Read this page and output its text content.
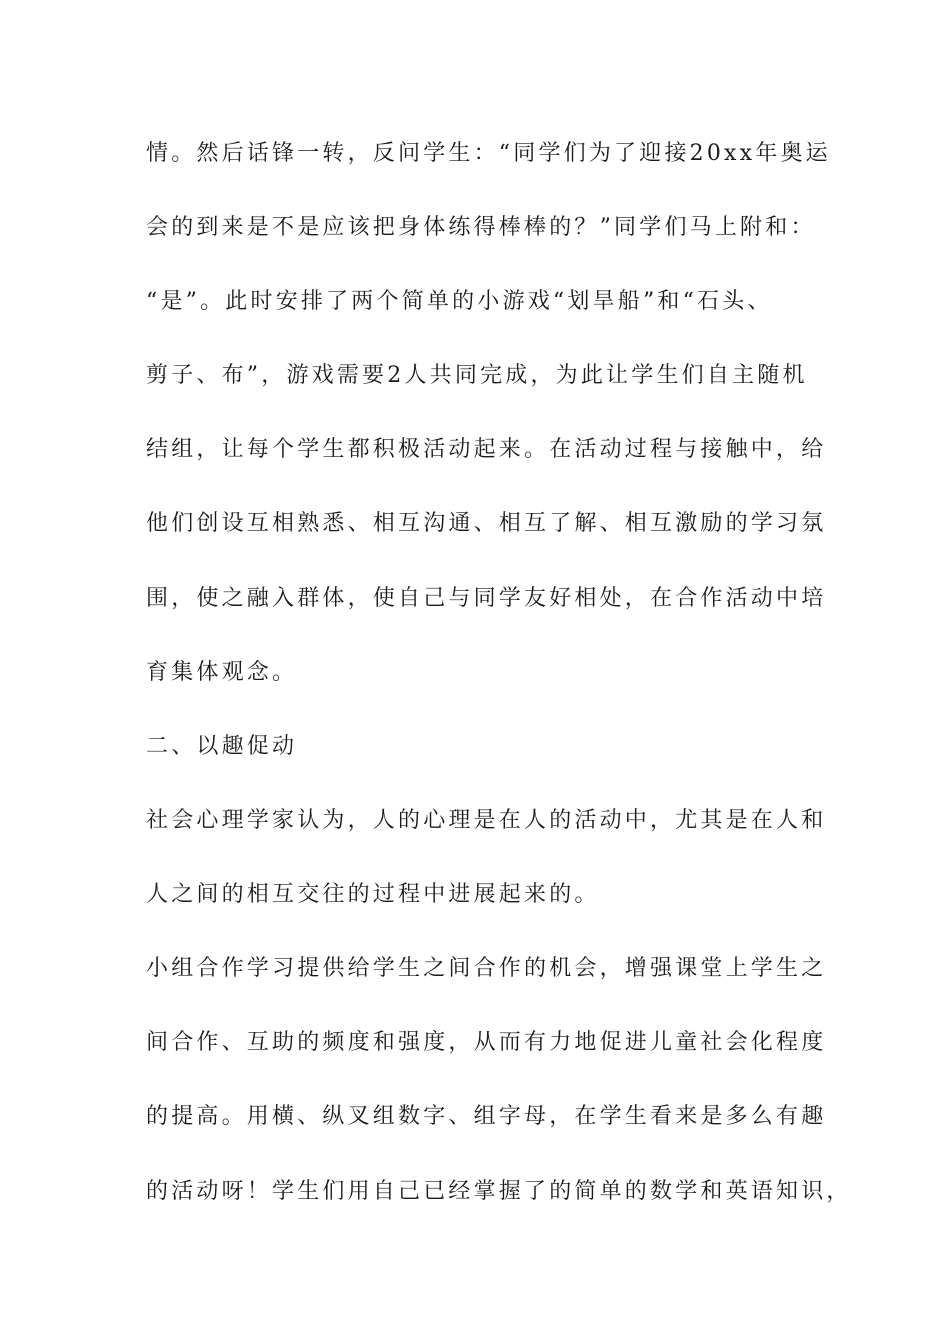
情。然后话锋一转，反问学生：“同学们为了迎接20xx年奥运
会的到来是不是应该把身体练得棒棒的？”同学们马上附和：
“是”。此时安排了两个简单的小游戏“划旱船”和“石头、
剪子、布”，游戏需要2人共同完成，为此让学生们自主随机
结组，让每个学生都积极活动起来。在活动过程与接触中，给
他们创设互相熟悉、相互沟通、相互了解、相互激励的学习氛
围，使之融入群体，使自己与同学友好相处，在合作活动中培
育集体观念。
二、以趣促动
社会心理学家认为，人的心理是在人的活动中，尤其是在人和
人之间的相互交往的过程中进展起来的。
小组合作学习提供给学生之间合作的机会，增强课堂上学生之
间合作、互助的频度和强度，从而有力地促进儿童社会化程度
的提高。用横、纵叉组数字、组字母，在学生看来是多么有趣
的活动呀！学生们用自己已经掌握了的简单的数学和英语知识，
